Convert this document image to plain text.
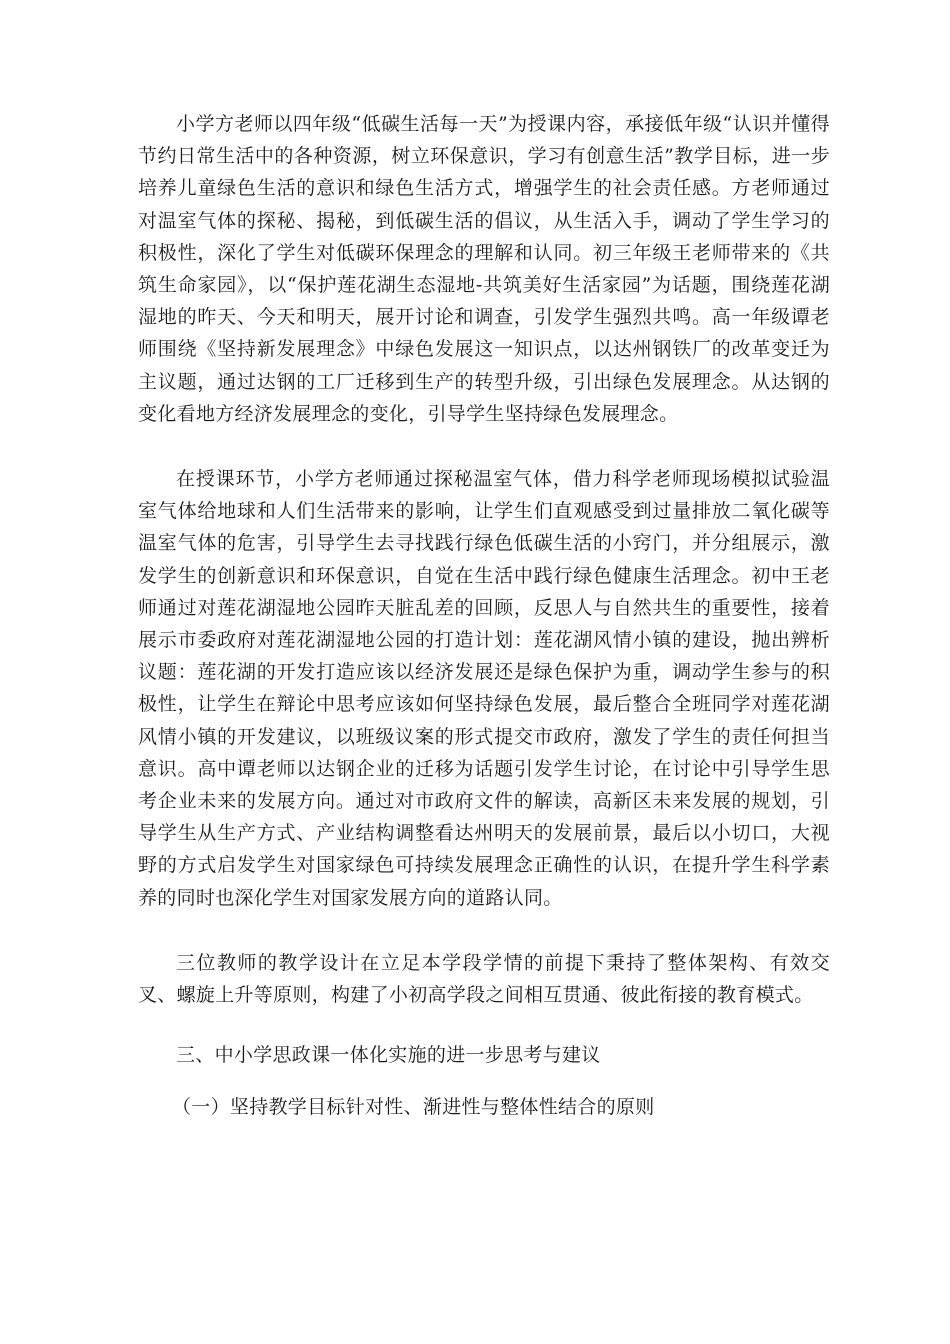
小学方老师以四年级“低碳生活每一天”为授课内容，承接低年级“认识并懂得节约日常生活中的各种资源，树立环保意识，学习有创意生活”教学目标，进一步培养儿童绿色生活的意识和绿色生活方式，增强学生的社会责任感。方老师通过对温室气体的探秘、揭秘，到低碳生活的倡议，从生活入手，调动了学生学习的积极性，深化了学生对低碳环保理念的理解和认同。初三年级王老师带来的《共筑生命家园》，以“保护莲花湖生态湿地-共筑美好生活家园”为话题，围绕莲花湖湿地的昨天、今天和明天，展开讨论和调查，引发学生强烈共鸣。高一年级谭老师围绕《坚持新发展理念》中绿色发展这一知识点，以达州钢铁厂的改革变迁为主议题，通过达钢的工厂迁移到生产的转型升级，引出绿色发展理念。从达钢的变化看地方经济发展理念的变化，引导学生坚持绿色发展理念。

在授课环节，小学方老师通过探秘温室气体，借力科学老师现场模拟试验温室气体给地球和人们生活带来的影响，让学生们直观感受到过量排放二氧化碳等温室气体的危害，引导学生去寻找践行绿色低碳生活的小窍门，并分组展示，激发学生的创新意识和环保意识，自觉在生活中践行绿色健康生活理念。初中王老师通过对莲花湖湿地公园昨天脏乱差的回顾，反思人与自然共生的重要性，接着展示市委政府对莲花湖湿地公园的打造计划：莲花湖风情小镇的建设，抛出辨析议题：莲花湖的开发打造应该以经济发展还是绿色保护为重，调动学生参与的积极性，让学生在辩论中思考应该如何坚持绿色发展，最后整合全班同学对莲花湖风情小镇的开发建议，以班级议案的形式提交市政府，激发了学生的责任何担当意识。高中谭老师以达钢企业的迁移为话题引发学生讨论，在讨论中引导学生思考企业未来的发展方向。通过对市政府文件的解读，高新区未来发展的规划，引导学生从生产方式、产业结构调整看达州明天的发展前景，最后以小切口，大视野的方式启发学生对国家绿色可持续发展理念正确性的认识，在提升学生科学素养的同时也深化学生对国家发展方向的道路认同。

三位教师的教学设计在立足本学段学情的前提下秉持了整体架构、有效交叉、螺旋上升等原则，构建了小初高学段之间相互贯通、彼此衔接的教育模式。

三、中小学思政课一体化实施的进一步思考与建议

（一）坚持教学目标针对性、渐进性与整体性结合的原则
